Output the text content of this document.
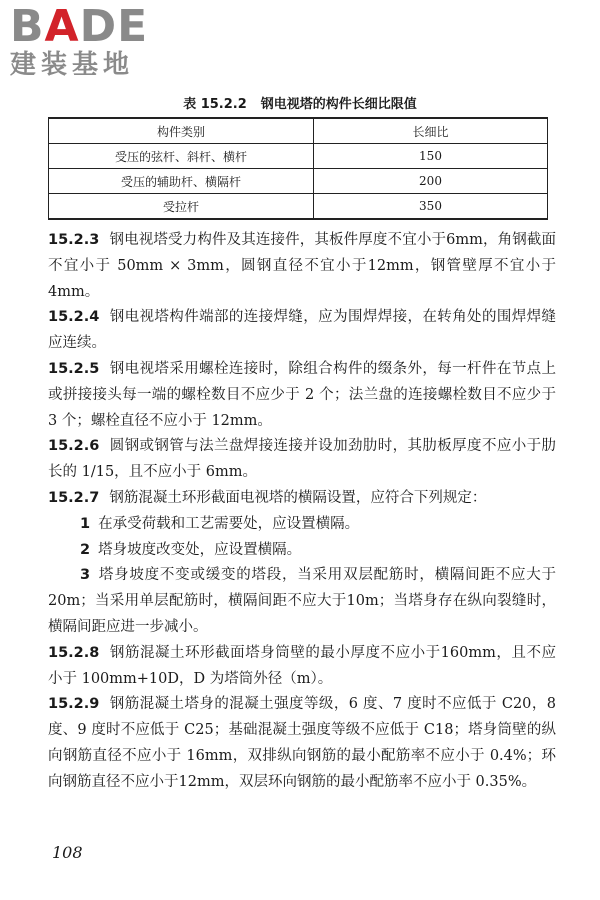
BADE
建装基地
表 15.2.2 钢电视塔的构件长细比限值
构件类别	长细比
受压的弦杆、斜杆、横杆	150
受压的辅助杆、横隔杆	200
受拉杆	350

15.2.3 钢电视塔受力构件及其连接件，其板件厚度不宜小于6mm，角钢截面不宜小于 50mm × 3mm，圆钢直径不宜小于12mm，钢管壁厚不宜小于 4mm。

15.2.4 钢电视塔构件端部的连接焊缝，应为围焊焊接，在转角处的围焊焊缝应连续。

15.2.5 钢电视塔采用螺栓连接时，除组合构件的缀条外，每一杆件在节点上或拼接接头每一端的螺栓数目不应少于 2 个；法兰盘的连接螺栓数目不应少于 3 个；螺栓直径不应小于 12mm。

15.2.6 圆钢或钢管与法兰盘焊接连接并设加劲肋时，其肋板厚度不应小于肋长的 1/15，且不应小于 6mm。

15.2.7 钢筋混凝土环形截面电视塔的横隔设置，应符合下列规定：

1 在承受荷载和工艺需要处，应设置横隔。

2 塔身坡度改变处，应设置横隔。

3 塔身坡度不变或缓变的塔段，当采用双层配筋时，横隔间距不应大于 20m；当采用单层配筋时，横隔间距不应大于10m；当塔身存在纵向裂缝时，横隔间距应进一步减小。

15.2.8 钢筋混凝土环形截面塔身筒壁的最小厚度不应小于160mm，且不应小于 100mm+10D，D 为塔筒外径（m）。

15.2.9 钢筋混凝土塔身的混凝土强度等级，6 度、7 度时不应低于 C20，8 度、9 度时不应低于 C25；基础混凝土强度等级不应低于 C18；塔身筒壁的纵向钢筋直径不应小于 16mm，双排纵向钢筋的最小配筋率不应小于 0.4%；环向钢筋直径不应小于12mm，双层环向钢筋的最小配筋率不应小于 0.35%。

108
